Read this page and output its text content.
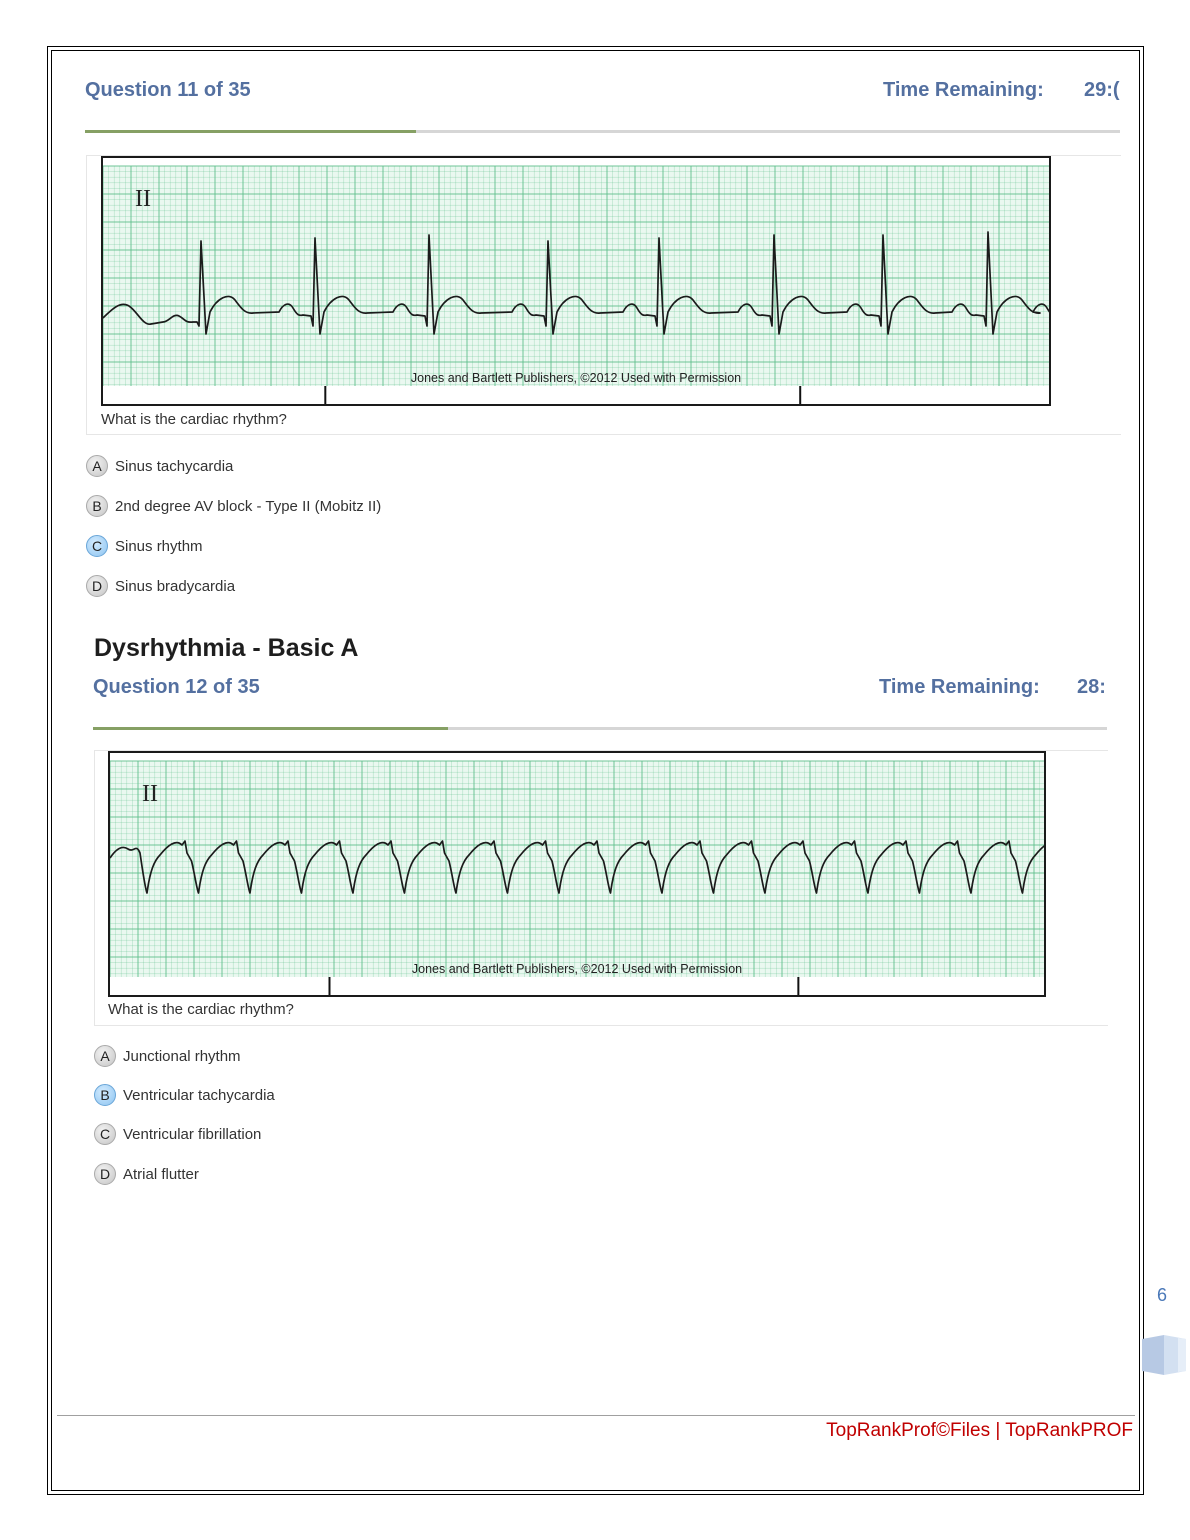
Question 11 of 35	Time Remaining: 29:(
II
Jones and Bartlett Publishers, ©2012 Used with Permission
What is the cardiac rhythm?
A Sinus tachycardia
B 2nd degree AV block - Type II (Mobitz II)
C Sinus rhythm
D Sinus bradycardia
Dysrhythmia - Basic A
Question 12 of 35	Time Remaining: 28:
II
Jones and Bartlett Publishers, ©2012 Used with Permission
What is the cardiac rhythm?
A Junctional rhythm
B Ventricular tachycardia
C Ventricular fibrillation
D Atrial flutter
6
TopRankProf©Files | TopRankPROF
